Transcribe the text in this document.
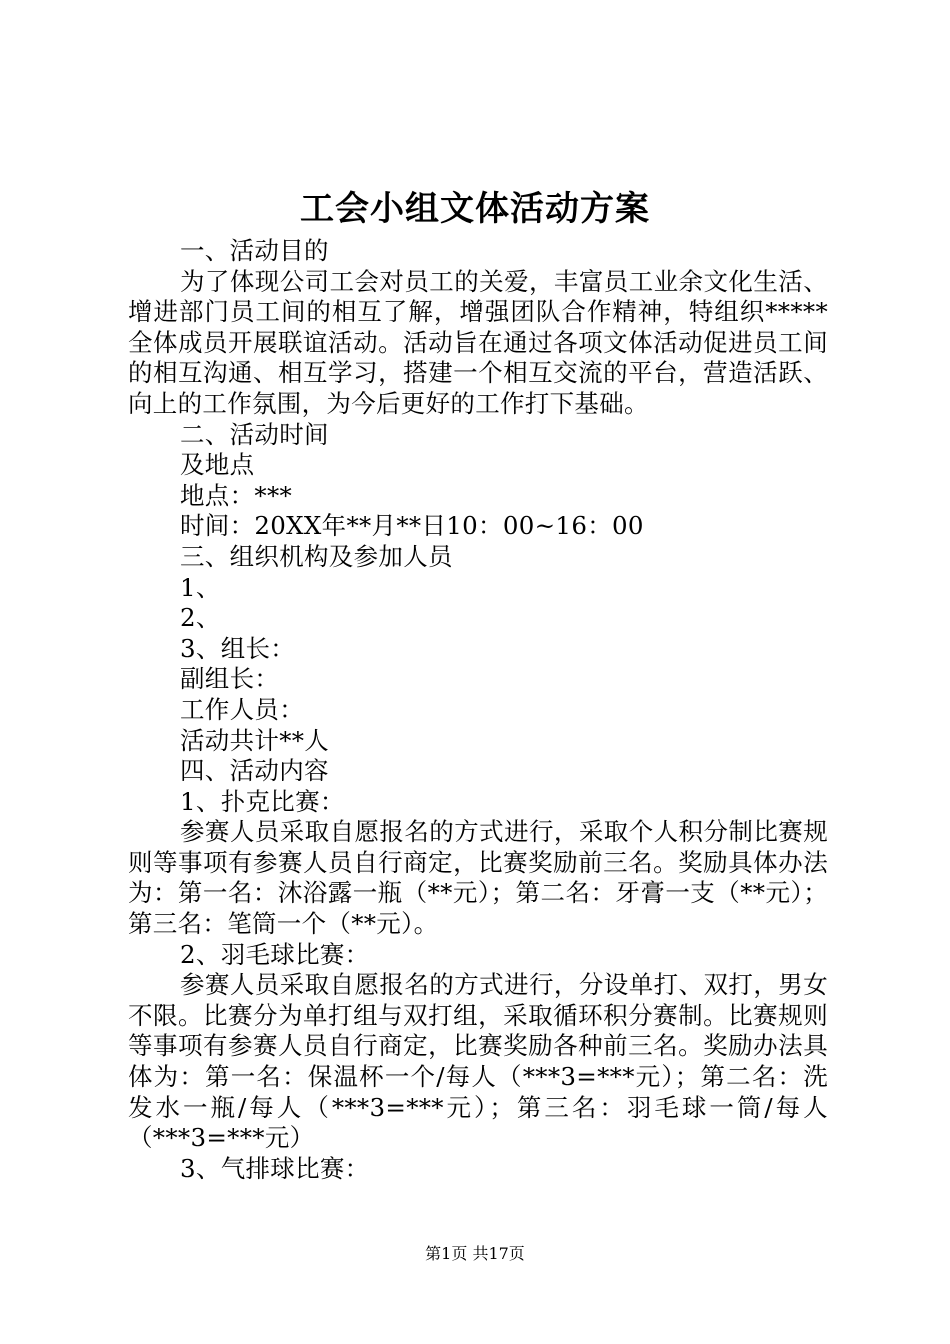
工会小组文体活动方案

一、活动目的

为了体现公司工会对员工的关爱，丰富员工业余文化生活、增进部门员工间的相互了解，增强团队合作精神，特组织*****全体成员开展联谊活动。活动旨在通过各项文体活动促进员工间的相互沟通、相互学习，搭建一个相互交流的平台，营造活跃、向上的工作氛围，为今后更好的工作打下基础。

二、活动时间

及地点

地点：***

时间：20XX年**月**日10：00~16：00

三、组织机构及参加人员

1、

2、

3、组长：

副组长：

工作人员：

活动共计**人

四、活动内容

1、扑克比赛：

参赛人员采取自愿报名的方式进行，采取个人积分制比赛规则等事项有参赛人员自行商定，比赛奖励前三名。奖励具体办法为：第一名：沐浴露一瓶（**元）；第二名：牙膏一支（**元）；第三名：笔筒一个（**元）。

2、羽毛球比赛：

参赛人员采取自愿报名的方式进行，分设单打、双打，男女不限。比赛分为单打组与双打组，采取循环积分赛制。比赛规则等事项有参赛人员自行商定，比赛奖励各种前三名。奖励办法具体为：第一名：保温杯一个/每人（***3=***元）；第二名：洗发水一瓶/每人（***3=***元）；第三名：羽毛球一筒/每人（***3=***元）

3、气排球比赛：

第1页 共17页
